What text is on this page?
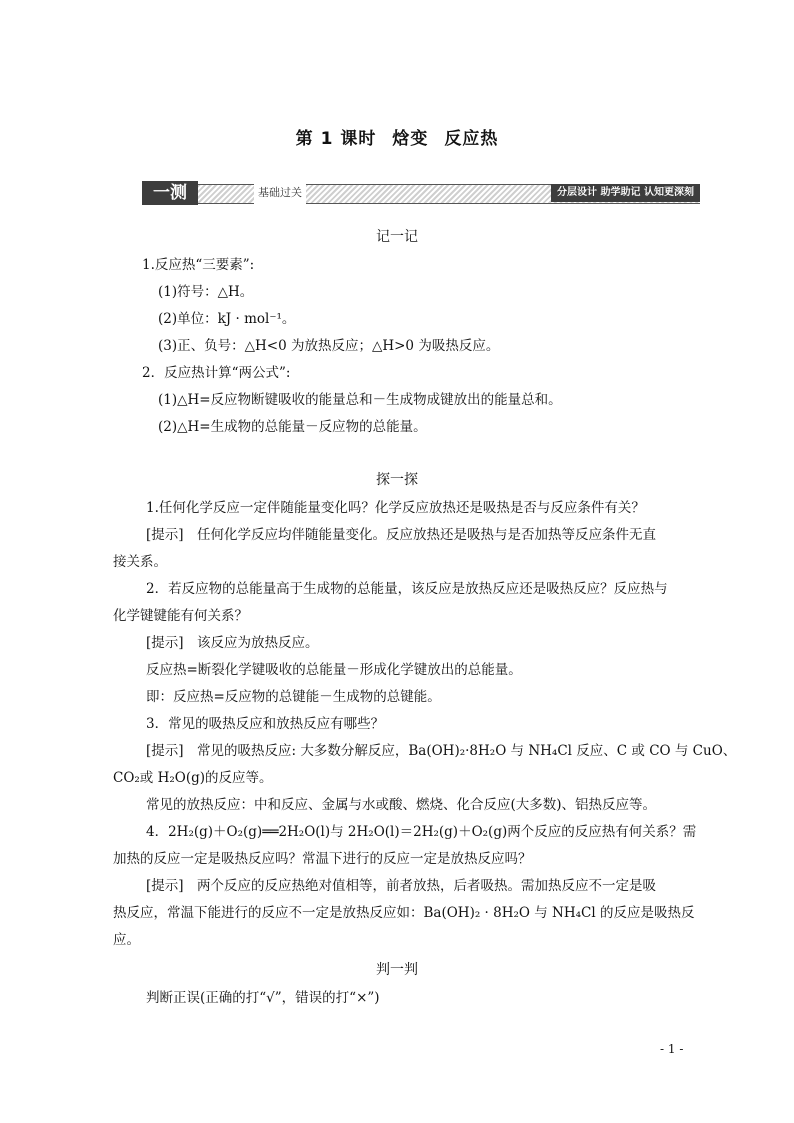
第 1 课时 焓变 反应热
一测	基础过关	分层设计 助学助记 认知更深刻
记一记
1.反应热“三要素”:
(1)符号：△H。
(2)单位：kJ · mol⁻¹。
(3)正、负号：△H<0 为放热反应；△H>0 为吸热反应。
2．反应热计算“两公式”:
(1)△H=反应物断键吸收的能量总和－生成物成键放出的能量总和。
(2)△H=生成物的总能量－反应物的总能量。
探一探
1.任何化学反应一定伴随能量变化吗？化学反应放热还是吸热是否与反应条件有关？
[提示]　任何化学反应均伴随能量变化。反应放热还是吸热与是否加热等反应条件无直
接关系。
2．若反应物的总能量高于生成物的总能量，该反应是放热反应还是吸热反应？反应热与
化学键键能有何关系？
[提示]　该反应为放热反应。
反应热=断裂化学键吸收的总能量－形成化学键放出的总能量。
即：反应热=反应物的总键能－生成物的总键能。
3．常见的吸热反应和放热反应有哪些？
[提示]　常见的吸热反应: 大多数分解反应，Ba(OH)₂·8H₂O 与 NH₄Cl 反应、C 或 CO 与 CuO、
CO₂或 H₂O(g)的反应等。
常见的放热反应：中和反应、金属与水或酸、燃烧、化合反应(大多数)、铝热反应等。
4．2H₂(g)＋O₂(g)══2H₂O(l)与 2H₂O(l)＝2H₂(g)＋O₂(g)两个反应的反应热有何关系？需
加热的反应一定是吸热反应吗？常温下进行的反应一定是放热反应吗？
[提示]　两个反应的反应热绝对值相等，前者放热，后者吸热。需加热反应不一定是吸
热反应，常温下能进行的反应不一定是放热反应如：Ba(OH)₂ · 8H₂O 与 NH₄Cl 的反应是吸热反
应。
判一判
判断正误(正确的打“√”，错误的打“×”)
- 1 -
